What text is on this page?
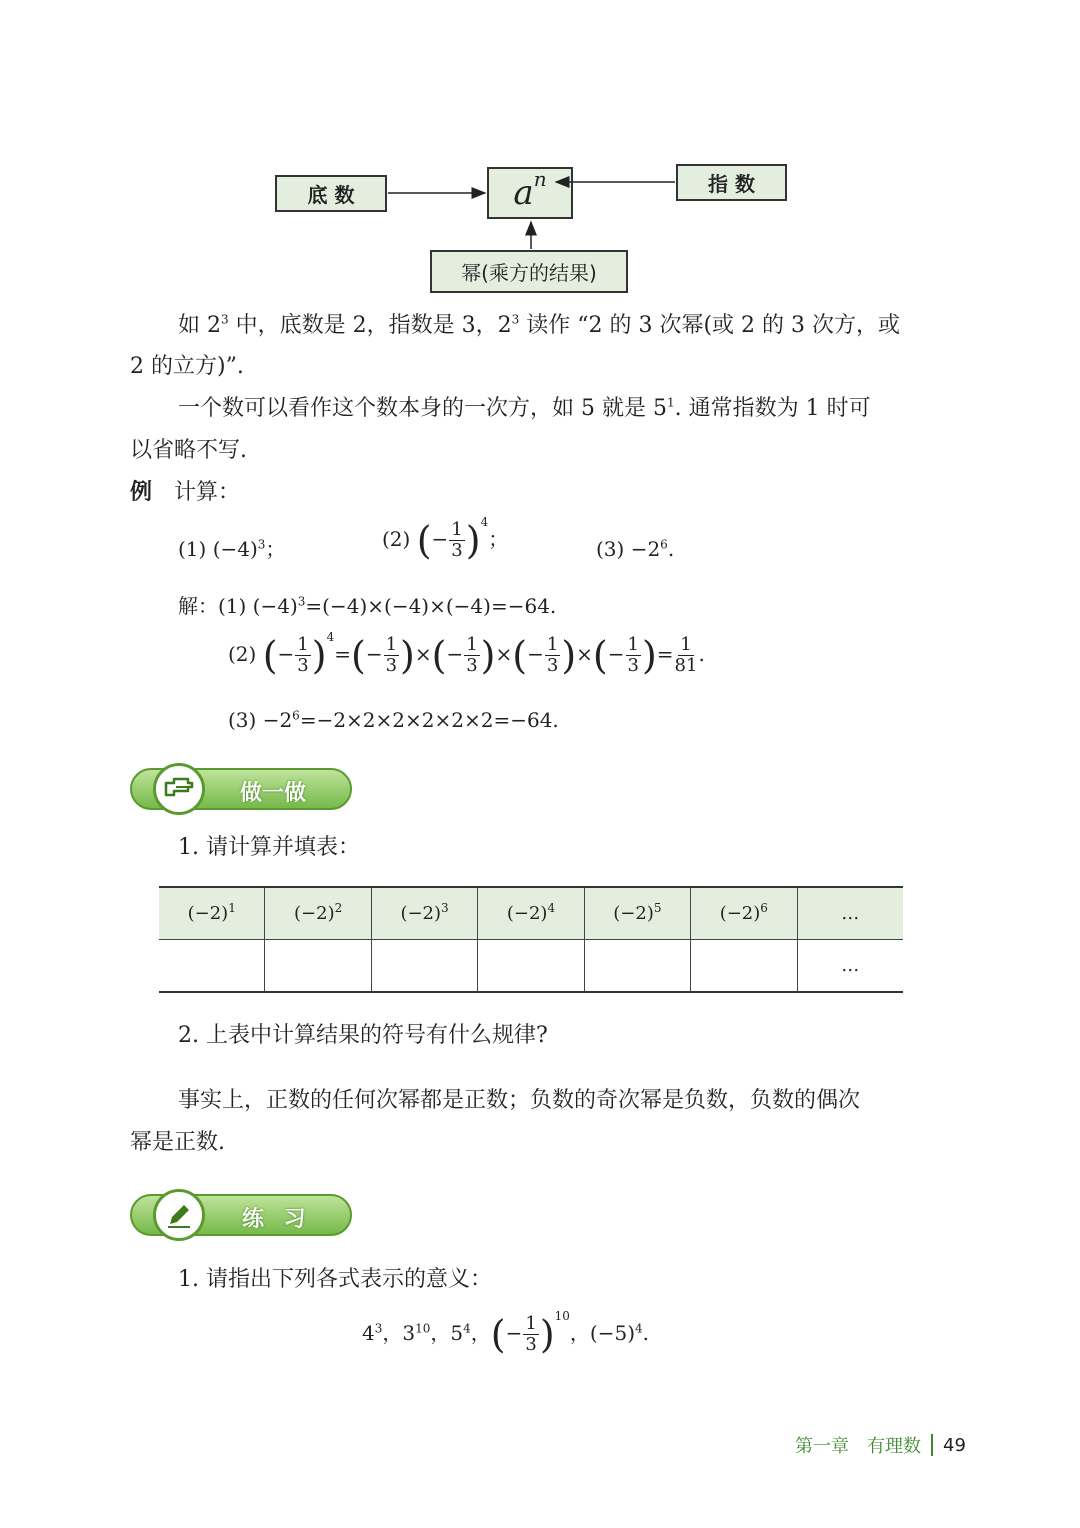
底 数	a n	指 数
幂(乘方的结果)
如 $2^3$ 中，底数是 2，指数是 3，$2^3$ 读作 “2 的 3 次幂(或 2 的 3 次方，或
2 的立方)”.
一个数可以看作这个数本身的一次方，如 5 就是 $5^1$. 通常指数为 1 时可
以省略不写.
例 计算：
(1) $(-4)^3$；	(2) (− $\frac{1}{3} )^4$；	$(3) -2^6$.
解：(1) $(-4)^3=(-4)\times(-4)\times(-4)=-64$.
(2) (− $\frac{1}{3} )^4=(- \frac{1}{3}$ )×(− $\frac{1}{3}$ )×(− $\frac{1}{3}$ )×(− $\frac{1}{3}$ )= $\frac{1}{81}$ .
$(3) -2^6=-2\times 2\times 2\times 2\times 2\times 2=-64$.
做一做
1. 请计算并填表：
$(-2)^1$	$(-2)^2$	$(-2)^3$	$(-2)^4$	$(-2)^5$	$(-2)^6$	…
						…
2. 上表中计算结果的符号有什么规律?
事实上，正数的任何次幂都是正数；负数的奇次幂是负数，负数的偶次
幂是正数.
练 习
1. 请指出下列各式表示的意义：
$4^3$，$3^{10}$，$5^4$，(− $\frac{1}{3} )^{10}$，$(-5)^4$.
第一章　有理数 49
